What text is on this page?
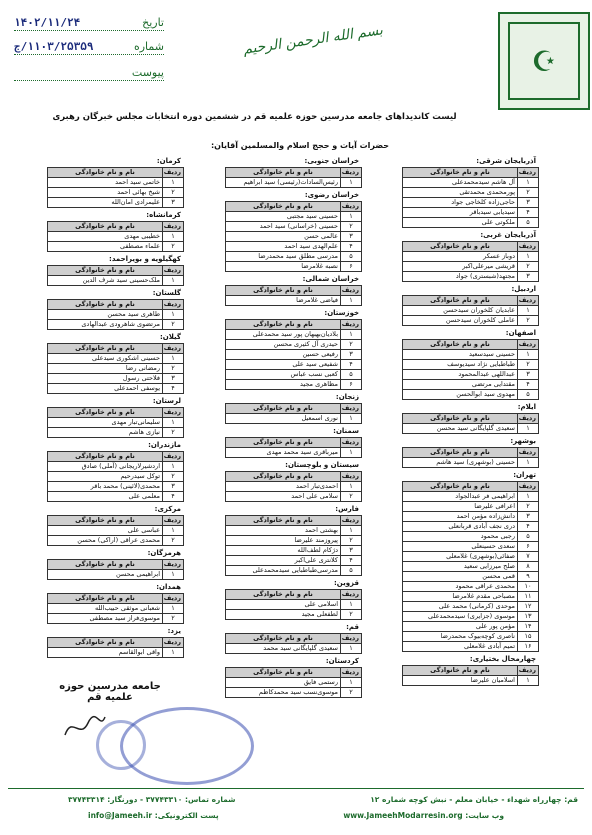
☪
بسم الله الرحمن الرحیم
تاریخ
۱۴۰۲/۱۱/۲۴
شماره
۱۱۰۳/۲۵۳۵۹/ج
پیوست
لیست کاندیداهای جامعه مدرسین حوزه علمیه قم در ششمین دوره انتخابات مجلس خبرگان رهبری
حضرات آیات و حجج اسلام والمسلمین آقایان:
آذربایجان شرقی:
ردیف	نام و نام خانوادگی
۱	آل هاشم سیدمحمدعلی
۲	پورمحمدی محمدتقی
۳	حاجی‌زاده کلخاجی جواد
۴	سیدیابی سیدباقر
۵	ملکوتی علی
آذربایجان غربی:
ردیف	نام و نام خانوادگی
۱	دوباز عسکر
۲	قریشی میرعلی‌اکبر
۳	مجتهد(شبستری) جواد
اردبیل:
ردیف	نام و نام خانوادگی
۱	عابدیان کلخوران سیدحسن
۲	عاملی کلخوران سیدحسن
اصفهان:
ردیف	نام و نام خانوادگی
۱	حسینی سیدسعید
۲	طباطبایی نژاد سیدیوسف
۳	عبداللهی عبدالمحمود
۴	مقتدایی مرتضی
۵	مهدوی سید ابوالحسن
ایلام:
ردیف	نام و نام خانوادگی
۱	سعیدی گلپایگانی سید محسن
بوشهر:
ردیف	نام و نام خانوادگی
۱	حسینی (بوشهری) سید هاشم
تهران:
ردیف	نام و نام خانوادگی
۱	ابراهیمی فر عبدالجواد
۲	اعرافی علیرضا
۳	دانش‌زاده مؤمن احمد
۴	دری نجف آبادی قربانعلی
۵	رجبی محمود
۶	سعدی حسینعلی
۷	صفائی(بوشهری) غلامعلی
۸	صلح میرزایی سعید
۹	قمی محسن
۱۰	محمدی عراقی محمود
۱۱	مصباحی مقدم غلامرضا
۱۲	موحدی (کرمانی) محمد علی
۱۳	موسوی (جزایری) سیدمحمدعلی
۱۴	مؤمن پور علی
۱۵	ناصری کوچه‌بیوک محمدرضا
۱۶	تمیم آبادی غلامعلی
چهارمحال بختیاری:
ردیف	نام و نام خانوادگی
۱	اسلامیان علیرضا
خراسان جنوبی:
ردیف	نام و نام خانوادگی
۱	رئیس‌السادات(رئیسی) سید ابراهیم
خراسان رضوی:
ردیف	نام و نام خانوادگی
۱	حسینی سید مجتبی
۲	حسینی (خراسانی) سید احمد
۳	عالمی حسن
۴	علم‌الهدی سید احمد
۵	مدرسی مطلق سید محمدرضا
۶	نصبه غلامرضا
خراسان شمالی:
ردیف	نام و نام خانوادگی
۱	فیاضی غلامرضا
خوزستان:
ردیف	نام و نام خانوادگی
۱	بلادیان‌بهبهان پور سید محمدعلی
۲	حیدری آل کثیری محسن
۳	رفیعی حسین
۴	شفیعی سید علی
۵	کعبی نسب عباس
۶	مظاهری مجید
زنجان:
ردیف	نام و نام خانوادگی
۱	نوری اسمعیل
سمنان:
ردیف	نام و نام خانوادگی
۱	میرباقری سید محمد مهدی
سیستان و بلوچستان:
ردیف	نام و نام خانوادگی
۱	احمدی‌تبار احمد
۲	سلامی علی احمد
فارس:
ردیف	نام و نام خانوادگی
۱	بهشتی احمد
۲	پیروزمند علیرضا
۳	دژکام لطف‌الله
۴	کلانتری علی‌اکبر
۵	مدرسی‌طباطبایی سیدمحمدعلی
قزوین:
ردیف	نام و نام خانوادگی
۱	اسلامی علی
۲	لطفعلی مجید
قم:
ردیف	نام و نام خانوادگی
۱	سعیدی گلپایگانی سید محمد
کردستان:
ردیف	نام و نام خانوادگی
۱	رستمی فایق
۲	موسوی‌نسب سید محمدکاظم
کرمان:
ردیف	نام و نام خانوادگی
۱	خاتمی سید احمد
۲	شیخ بهائی احمد
۳	علیمرادی امان‌الله
کرمانشاه:
ردیف	نام و نام خانوادگی
۱	خطیبی مهدی
۲	علماء مصطفی
کهگیلویه و بویراحمد:
ردیف	نام و نام خانوادگی
۱	ملک‌حسینی سید شرف الدین
گلستان:
ردیف	نام و نام خانوادگی
۱	طاهری سید محسن
۲	مرتضوی شاهرودی عبدالهادی
گیلان:
ردیف	نام و نام خانوادگی
۱	حسینی اشکوری سیدعلی
۲	رمضانی رضا
۳	فلاحتی رسول
۴	یوسفی احمدعلی
لرستان:
ردیف	نام و نام خانوادگی
۱	سلیمانی‌تبار مهدی
۲	نیازی هاشم
مازندران:
ردیف	نام و نام خانوادگی
۱	اردشیرلاریجانی (آملی) صادق
۲	توکل سیدرحیم
۳	محمدی(لائینی) محمد باقر
۴	معلمی علی
مرکزی:
ردیف	نام و نام خانوادگی
۱	عباسی علی
۲	محمدی عراقی (اراکی) محسن
هرمزگان:
ردیف	نام و نام خانوادگی
۱	ابراهیمی محسن
همدان:
ردیف	نام و نام خانوادگی
۱	شعبانی موثقی حبیب‌الله
۲	موسوی‌فراز سید مصطفی
یزد:
ردیف	نام و نام خانوادگی
۱	واقی ابوالقاسم
جامعه مدرسین حوزه علمیه قم
قم: چهارراه شهداء - خیابان معلم - نبش کوچه شماره ۱۲
شماره تماس: ۳۷۷۴۳۳۱۰ - دورنگار: ۳۷۷۴۳۳۱۴
وب سایت: www.JameehModarresin.org
پست الکترونیکی: info@Jameeh.ir
